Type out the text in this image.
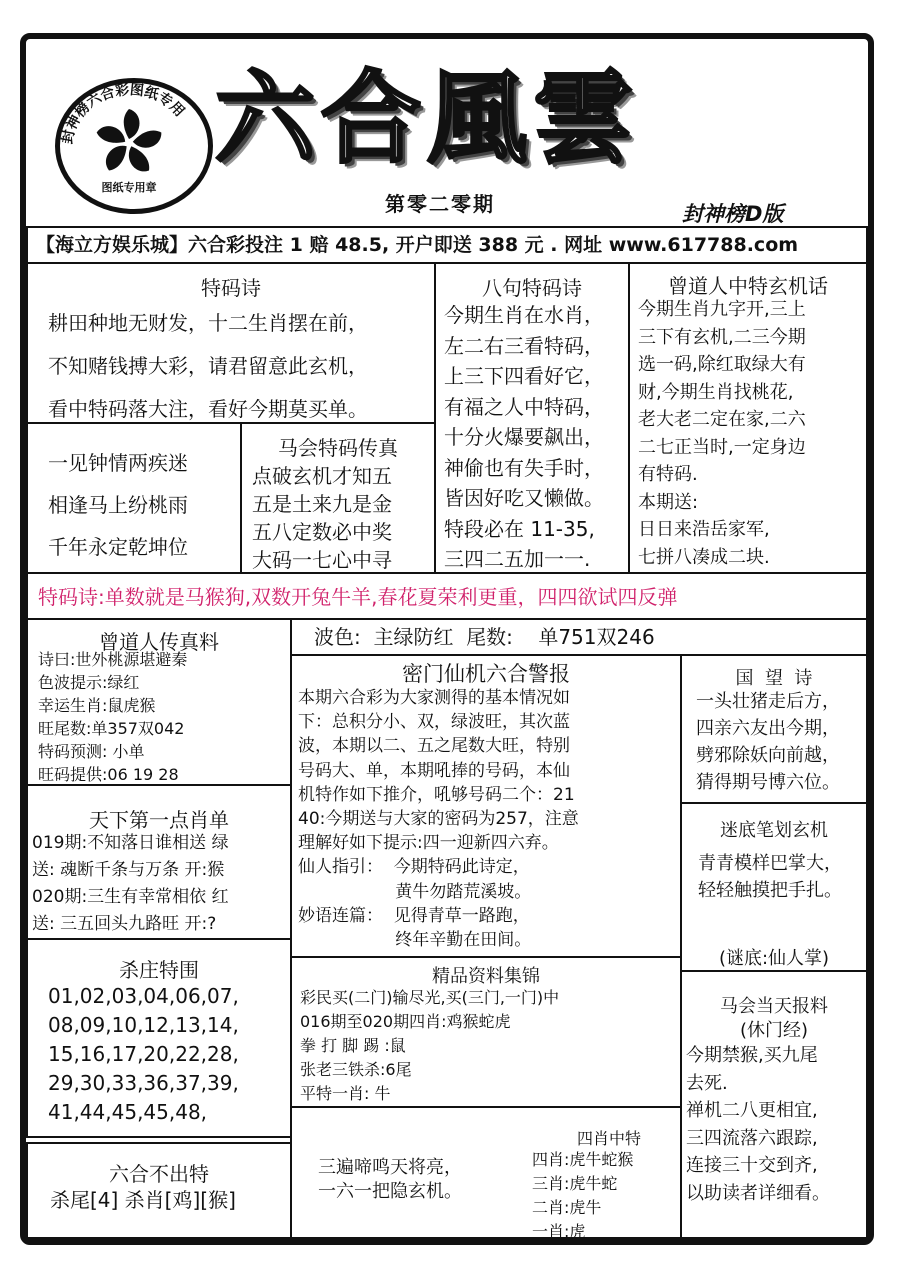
封神榜六合彩图纸专用
图纸专用章
六合風雲
第零二零期	封神榜D版
【海立方娱乐城】六合彩投注 1 赔 48.5, 开户即送 388 元 . 网址 www.617788.com
特码诗
耕田种地无财发，十二生肖摆在前，
不知赌钱搏大彩，请君留意此玄机，
看中特码落大注，看好今期莫买单。
一见钟情两疾迷
相逢马上纷桃雨
千年永定乾坤位
马会特码传真
点破玄机才知五
五是土来九是金
五八定数必中奖
大码一七心中寻
八句特码诗
今期生肖在水肖，
左二右三看特码，
上三下四看好它，
有福之人中特码，
十分火爆要飙出，
神偷也有失手时，
皆因好吃又懒做。
特段必在 11-35,
三四二五加一一.
曾道人中特玄机话
今期生肖九字开,三上
三下有玄机,二三今期
选一码,除红取绿大有
财,今期生肖找桃花,
老大老二定在家,二六
二七正当时,一定身边
有特码.
本期送:
日日来浩岳家军,
七拼八凑成二块.
特码诗:单数就是马猴狗,双数开兔牛羊,春花夏荣利更重，四四欲试四反弹
曾道人传真料
诗曰:世外桃源堪避秦
色波提示:绿红
幸运生肖:鼠虎猴
旺尾数:单357双042
特码预测: 小单
旺码提供:06 19 28
天下第一点肖单
019期:不知落日谁相送 绿
送: 魂断千条与万条 开:猴
020期:三生有幸常相依 红
送: 三五回头九路旺 开:?
杀庄特围
01,02,03,04,06,07,
08,09,10,12,13,14,
15,16,17,20,22,28,
29,30,33,36,37,39,
41,44,45,45,48,
六合不出特
杀尾[4] 杀肖[鸡][猴]
波色:  主绿防红  尾数:    单751双246
密门仙机六合警报
本期六合彩为大家测得的基本情况如
下：总积分小、双，绿波旺，其次蓝
波，本期以二、五之尾数大旺，特别
号码大、单，本期吼捧的号码，本仙
机特作如下推介，吼够号码二个：21
40:今期送与大家的密码为257，注意
理解好如下提示:四一迎新四六弃。
仙人指引：  今期特码此诗定，
黄牛勿踏荒溪坡。
妙语连篇：  见得青草一路跑，
终年辛勤在田间。
精品资料集锦
彩民买(二门)输尽光,买(三门,一门)中
016期至020期四肖:鸡猴蛇虎
拳 打 脚 踢 :鼠
张老三铁杀:6尾
平特一肖: 牛
三遍啼鸣天将亮，
一六一把隐玄机。
四肖中特
四肖:虎牛蛇猴
三肖:虎牛蛇
二肖:虎牛
一肖:虎
国  望  诗
一头壮猪走后方，
四亲六友出今期，
劈邪除妖向前越，
猜得期号博六位。
迷底笔划玄机
青青模样巴掌大，
轻轻触摸把手扎。
(谜底:仙人掌)
马会当天报料
(休门经)
今期禁猴,买九尾
去死.
禅机二八更相宜,
三四流落六跟踪,
连接三十交到齐,
以助读者详细看。
